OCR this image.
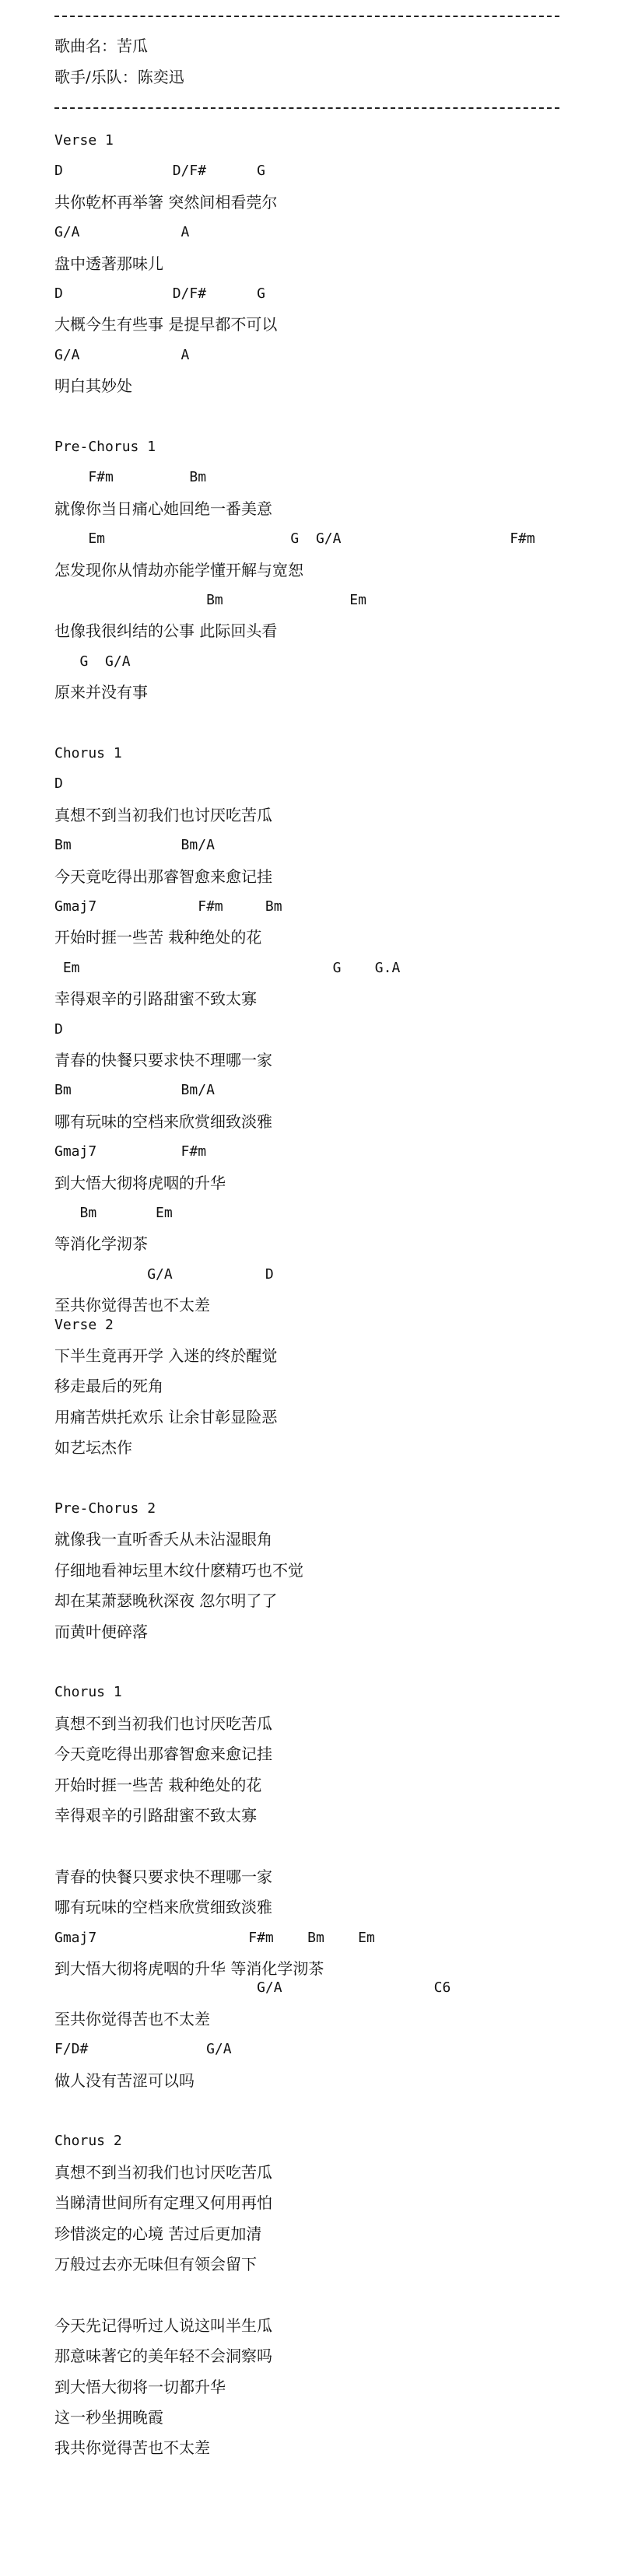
歌曲名：苦瓜
歌手/乐队：陈奕迅
Verse 1
D             D/F#      G
共你乾杯再举箸 突然间相看莞尔
G/A            A
盘中透著那味儿
D             D/F#      G
大概今生有些事 是提早都不可以
G/A            A
明白其妙处
Pre-Chorus 1
F#m         Bm
就像你当日痛心她回绝一番美意
Em                      G  G/A                    F#m
怎发现你从情劫亦能学懂开解与宽恕
Bm               Em
也像我很纠结的公事 此际回头看
G  G/A
原来并没有事
Chorus 1
D
真想不到当初我们也讨厌吃苦瓜
Bm             Bm/A
今天竟吃得出那睿智愈来愈记挂
Gmaj7            F#m     Bm
开始时捱一些苦 栽种绝处的花
Em                              G    G.A
幸得艰辛的引路甜蜜不致太寡
D
青春的快餐只要求快不理哪一家
Bm             Bm/A
哪有玩味的空档来欣赏细致淡雅
Gmaj7          F#m
到大悟大彻将虎咽的升华
Bm       Em
等消化学沏茶
G/A           D
至共你觉得苦也不太差
Verse 2
下半生竟再开学 入迷的终於醒觉
移走最后的死角
用痛苦烘托欢乐 让余甘彰显险恶
如艺坛杰作
Pre-Chorus 2
就像我一直听香夭从未沾湿眼角
仔细地看神坛里木纹什麽精巧也不觉
却在某萧瑟晚秋深夜 忽尔明了了
而黄叶便碎落
Chorus 1
真想不到当初我们也讨厌吃苦瓜
今天竟吃得出那睿智愈来愈记挂
开始时捱一些苦 栽种绝处的花
幸得艰辛的引路甜蜜不致太寡
青春的快餐只要求快不理哪一家
哪有玩味的空档来欣赏细致淡雅
Gmaj7                  F#m    Bm    Em
到大悟大彻将虎咽的升华 等消化学沏茶
G/A                  C6
至共你觉得苦也不太差
F/D#              G/A
做人没有苦涩可以吗
Chorus 2
真想不到当初我们也讨厌吃苦瓜
当睇清世间所有定理又何用再怕
珍惜淡定的心境 苦过后更加清
万般过去亦无味但有领会留下
今天先记得听过人说这叫半生瓜
那意味著它的美年轻不会洞察吗
到大悟大彻将一切都升华
这一秒坐拥晚霞
我共你觉得苦也不太差
